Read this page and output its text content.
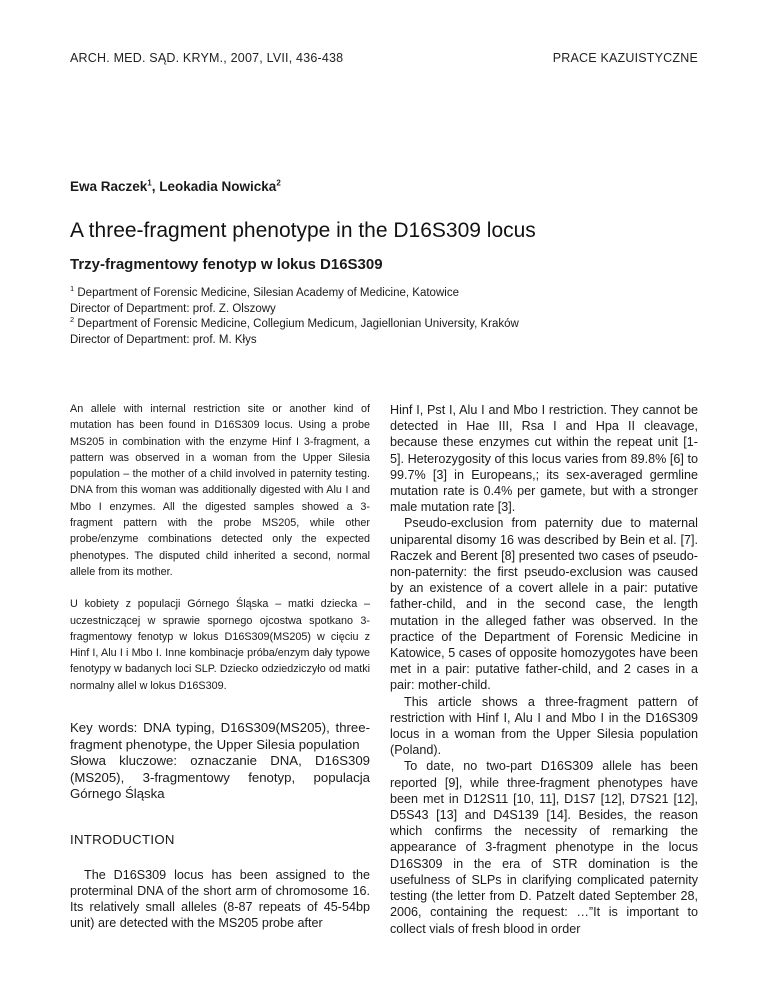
ARCH. MED. SĄD. KRYM., 2007, LVII, 436-438	PRACE KAZUISTYCZNE
Ewa Raczek$^1$, Leokadia Nowicka$^2$
A three-fragment phenotype in the D16S309 locus
Trzy-fragmentowy fenotyp w lokus D16S309

$^1$ Department of Forensic Medicine, Silesian Academy of Medicine, Katowice

Director of Department: prof. Z. Olszowy

$^2$ Department of Forensic Medicine, Collegium Medicum, Jagiellonian University, Kraków

Director of Department: prof. M. Kłys

An allele with internal restriction site or another kind of mutation has been found in D16S309 locus. Using a probe MS205 in combination with the enzyme Hinf I 3-fragment, a pattern was observed in a woman from the Upper Silesia population – the mother of a child involved in paternity testing. DNA from this woman was additionally digested with Alu I and Mbo I enzymes. All the digested samples showed a 3-fragment pattern with the probe MS205, while other probe/enzyme combinations detected only the expected phenotypes. The disputed child inherited a second, normal allele from its mother.

U kobiety z populacji Górnego Śląska – matki dziecka – uczestniczącej w sprawie spornego ojcostwa spotkano 3-fragmentowy fenotyp w lokus D16S309(MS205) w cięciu z Hinf I, Alu I i Mbo I. Inne kombinacje próba/enzym dały typowe fenotypy w badanych loci SLP. Dziecko odziedziczyło od matki normalny allel w lokus D16S309.

Key words: DNA typing, D16S309(MS205), three-fragment phenotype, the Upper Silesia population

Słowa kluczowe: oznaczanie DNA, D16S309 (MS205), 3-fragmentowy fenotyp, populacja Górnego Śląska

INTRODUCTION

The D16S309 locus has been assigned to the proterminal DNA of the short arm of chromosome 16. Its relatively small alleles (8-87 repeats of 45-54bp unit) are detected with the MS205 probe after

Hinf I, Pst I, Alu I and Mbo I restriction. They cannot be detected in Hae III, Rsa I and Hpa II cleavage, because these enzymes cut within the repeat unit [1-5]. Heterozygosity of this locus varies from 89.8% [6] to 99.7% [3] in Europeans,; its sex-averaged germline mutation rate is 0.4% per gamete, but with a stronger male mutation rate [3].

Pseudo-exclusion from paternity due to maternal uniparental disomy 16 was described by Bein et al. [7]. Raczek and Berent [8] presented two cases of pseudo-non-paternity: the first pseudo-exclusion was caused by an existence of a covert allele in a pair: putative father-child, and in the second case, the length mutation in the alleged father was observed. In the practice of the Department of Forensic Medicine in Katowice, 5 cases of opposite homozygotes have been met in a pair: putative father-child, and 2 cases in a pair: mother-child.

This article shows a three-fragment pattern of restriction with Hinf I, Alu I and Mbo I in the D16S309 locus in a woman from the Upper Silesia population (Poland).

To date, no two-part D16S309 allele has been reported [9], while three-fragment phenotypes have been met in D12S11 [10, 11], D1S7 [12], D7S21 [12], D5S43 [13] and D4S139 [14]. Besides, the reason which confirms the necessity of remarking the appearance of 3-fragment phenotype in the locus D16S309 in the era of STR domination is the usefulness of SLPs in clarifying complicated paternity testing (the letter from D. Patzelt dated September 28, 2006, containing the request: …”It is important to collect vials of fresh blood in order
